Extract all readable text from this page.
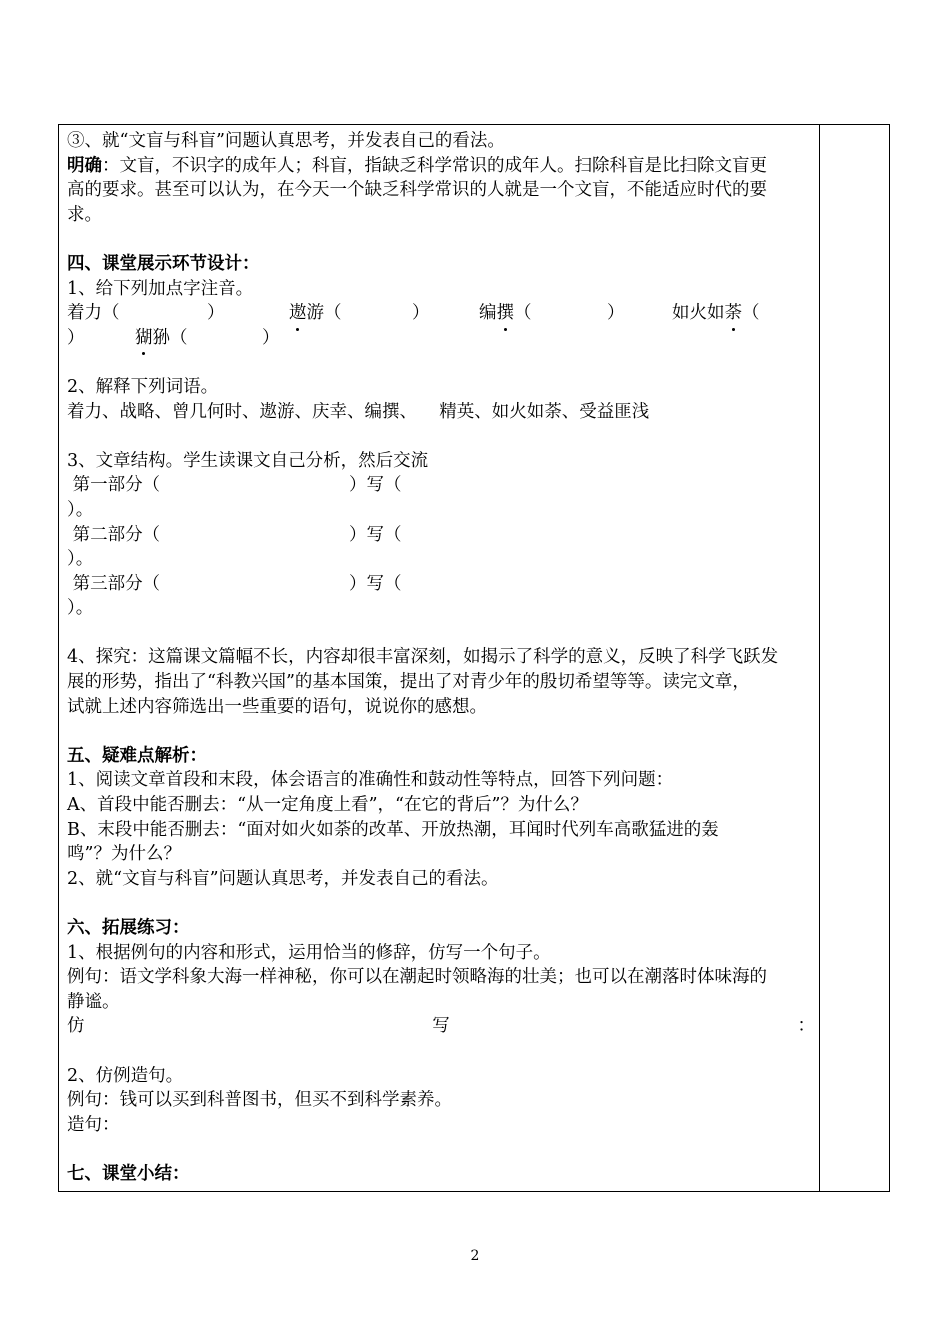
③、就“文盲与科盲”问题认真思考，并发表自己的看法。
明确：文盲，不识字的成年人；科盲，指缺乏科学常识的成年人。扫除科盲是比扫除文盲更
高的要求。甚至可以认为，在今天一个缺乏科学常识的人就是一个文盲，不能适应时代的要
求。
四、课堂展示环节设计：
1、给下列加点字注音。
着力（	）	遨游（	）	编撰（	）	如火如荼（
）	猢狲（	）
2、解释下列词语。
着力、战略、曾几何时、遨游、庆幸、编撰、    精英、如火如荼、受益匪浅
3、文章结构。学生读课文自己分析，然后交流
第一部分（	）写（
）。
第二部分（	）写（
）。
第三部分（	）写（
）。
4、探究：这篇课文篇幅不长，内容却很丰富深刻，如揭示了科学的意义，反映了科学飞跃发
展的形势，指出了“科教兴国”的基本国策，提出了对青少年的殷切希望等等。读完文章，
试就上述内容筛选出一些重要的语句，说说你的感想。
五、疑难点解析：
1、阅读文章首段和末段，体会语言的准确性和鼓动性等特点，回答下列问题：
A、首段中能否删去：“从一定角度上看”，“在它的背后”？为什么？
B、末段中能否删去：“面对如火如荼的改革、开放热潮，耳闻时代列车高歌猛进的轰
鸣”？为什么？
2、就“文盲与科盲”问题认真思考，并发表自己的看法。
六、拓展练习：
1、根据例句的内容和形式，运用恰当的修辞，仿写一个句子。
例句：语文学科象大海一样神秘，你可以在潮起时领略海的壮美；也可以在潮落时体味海的
静谧。
仿	写	：
2、仿例造句。
例句：钱可以买到科普图书，但买不到科学素养。
造句：
七、课堂小结：
2
